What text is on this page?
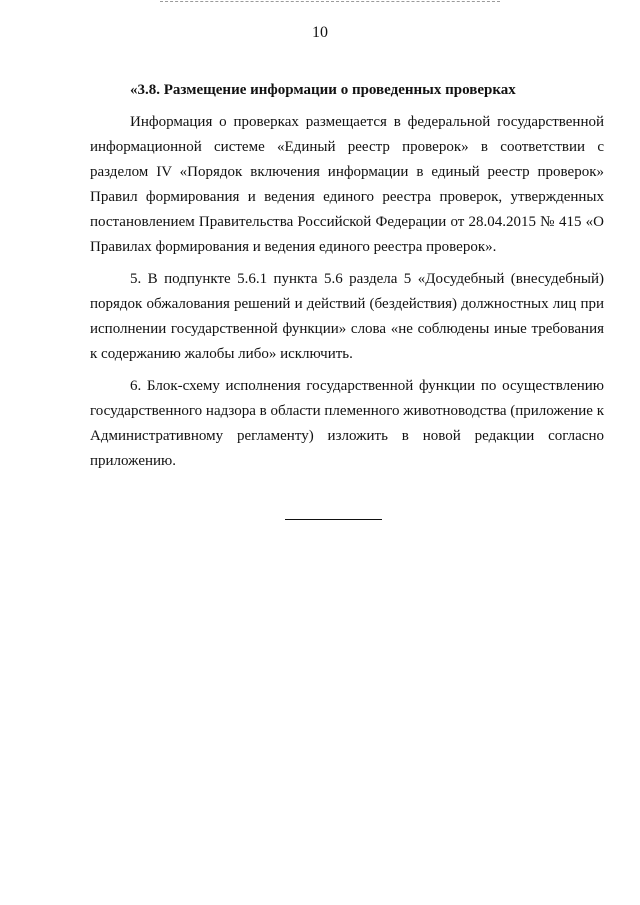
10

«3.8. Размещение информации о проведенных проверках

Информация о проверках размещается в федеральной государственной информационной системе «Единый реестр проверок» в соответствии с разделом IV «Порядок включения информации в единый реестр проверок» Правил формирования и ведения единого реестра проверок, утвержденных постановлением Правительства Российской Федерации от 28.04.2015 № 415 «О Правилах формирования и ведения единого реестра проверок».

5. В подпункте 5.6.1 пункта 5.6 раздела 5 «Досудебный (внесудебный) порядок обжалования решений и действий (бездействия) должностных лиц при исполнении государственной функции» слова «не соблюдены иные требования к содержанию жалобы либо» исключить.

6. Блок-схему исполнения государственной функции по осуществлению государственного надзора в области племенного животноводства (приложение к Административному регламенту) изложить в новой редакции согласно приложению.
